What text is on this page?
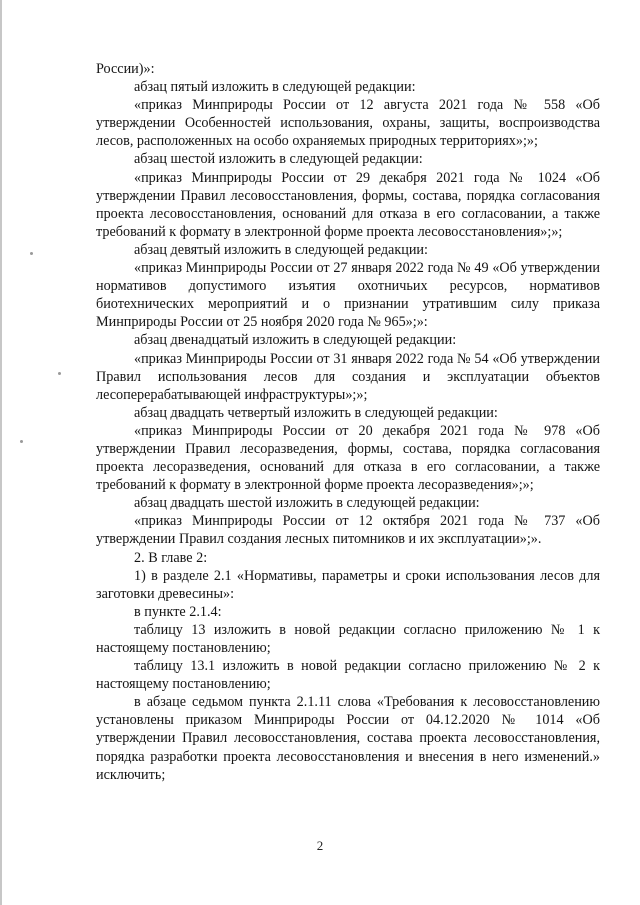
России)»:

абзац пятый изложить в следующей редакции:

«приказ Минприроды России от 12 августа 2021 года № 558 «Об утверждении Особенностей использования, охраны, защиты, воспроизводства лесов, расположенных на особо охраняемых природных территориях»;»;

абзац шестой изложить в следующей редакции:

«приказ Минприроды России от 29 декабря 2021 года № 1024 «Об утверждении Правил лесовосстановления, формы, состава, порядка согласования проекта лесовосстановления, оснований для отказа в его согласовании, а также требований к формату в электронной форме проекта лесовосстановления»;»;

абзац девятый изложить в следующей редакции:

«приказ Минприроды России от 27 января 2022 года № 49 «Об утверждении нормативов допустимого изъятия охотничьих ресурсов, нормативов биотехнических мероприятий и о признании утратившим силу приказа Минприроды России от 25 ноября 2020 года № 965»;»:

абзац двенадцатый изложить в следующей редакции:

«приказ Минприроды России от 31 января 2022 года № 54 «Об утверждении Правил использования лесов для создания и эксплуатации объектов лесоперерабатывающей инфраструктуры»;»;

абзац двадцать четвертый изложить в следующей редакции:

«приказ Минприроды России от 20 декабря 2021 года № 978 «Об утверждении Правил лесоразведения, формы, состава, порядка согласования проекта лесоразведения, оснований для отказа в его согласовании, а также требований к формату в электронной форме проекта лесоразведения»;»;

абзац двадцать шестой изложить в следующей редакции:

«приказ Минприроды России от 12 октября 2021 года № 737 «Об утверждении Правил создания лесных питомников и их эксплуатации»;».

2. В главе 2:

1) в разделе 2.1 «Нормативы, параметры и сроки использования лесов для заготовки древесины»:

в пункте 2.1.4:

таблицу 13 изложить в новой редакции согласно приложению № 1 к настоящему постановлению;

таблицу 13.1 изложить в новой редакции согласно приложению № 2 к настоящему постановлению;

в абзаце седьмом пункта 2.1.11 слова «Требования к лесовосстановлению установлены приказом Минприроды России от 04.12.2020 № 1014 «Об утверждении Правил лесовосстановления, состава проекта лесовосстановления, порядка разработки проекта лесовосстановления и внесения в него изменений.» исключить;

2
